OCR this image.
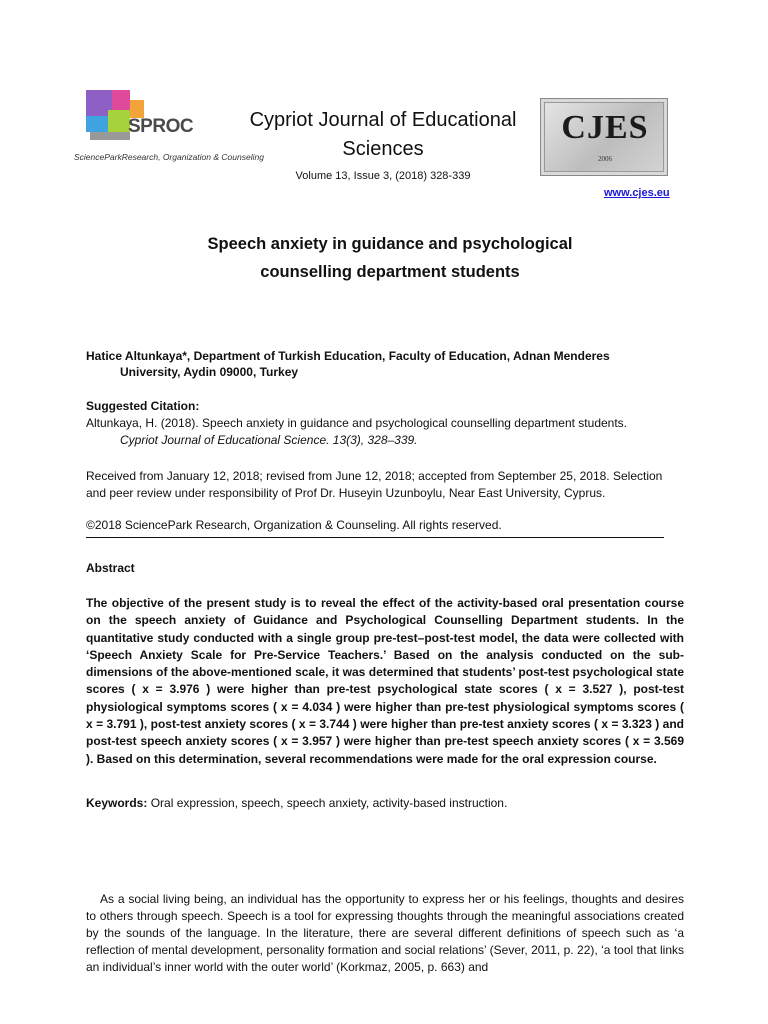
SPROC
ScienceParkResearch, Organization & Counseling
Cypriot Journal of Educational
Sciences
Volume 13, Issue 3, (2018) 328-339
CJES
2006
www.cjes.eu
Speech anxiety in guidance and psychological
counselling department students
Hatice Altunkaya*, Department of Turkish Education, Faculty of Education, Adnan Menderes
University, Aydin 09000, Turkey
Suggested Citation:
Altunkaya, H. (2018). Speech anxiety in guidance and psychological counselling department students.
Cypriot Journal of Educational Science. 13(3), 328–339.
Received from January 12, 2018; revised from June 12, 2018; accepted from September 25, 2018. Selection and peer review under responsibility of Prof Dr. Huseyin Uzunboylu, Near East University, Cyprus.
©2018 SciencePark Research, Organization & Counseling. All rights reserved.
Abstract
The objective of the present study is to reveal the effect of the activity-based oral presentation course on the speech anxiety of Guidance and Psychological Counselling Department students. In the quantitative study conducted with a single group pre-test–post-test model, the data were collected with ‘Speech Anxiety Scale for Pre-Service Teachers.’ Based on the analysis conducted on the sub-dimensions of the above-mentioned scale, it was determined that students’ post-test psychological state scores ( x = 3.976 ) were higher than pre-test psychological state scores ( x = 3.527 ), post-test physiological symptoms scores ( x = 4.034 ) were higher than pre-test physiological symptoms scores ( x = 3.791 ), post-test anxiety scores ( x = 3.744 ) were higher than pre-test anxiety scores ( x = 3.323 ) and post-test speech anxiety scores ( x = 3.957 ) were higher than pre-test speech anxiety scores ( x = 3.569 ). Based on this determination, several recommendations were made for the oral expression course.
Keywords: Oral expression, speech, speech anxiety, activity-based instruction.
As a social living being, an individual has the opportunity to express her or his feelings, thoughts and desires to others through speech. Speech is a tool for expressing thoughts through the meaningful associations created by the sounds of the language. In the literature, there are several different definitions of speech such as ‘a reflection of mental development, personality formation and social relations’ (Sever, 2011, p. 22), ‘a tool that links an individual’s inner world with the outer world’ (Korkmaz, 2005, p. 663) and
